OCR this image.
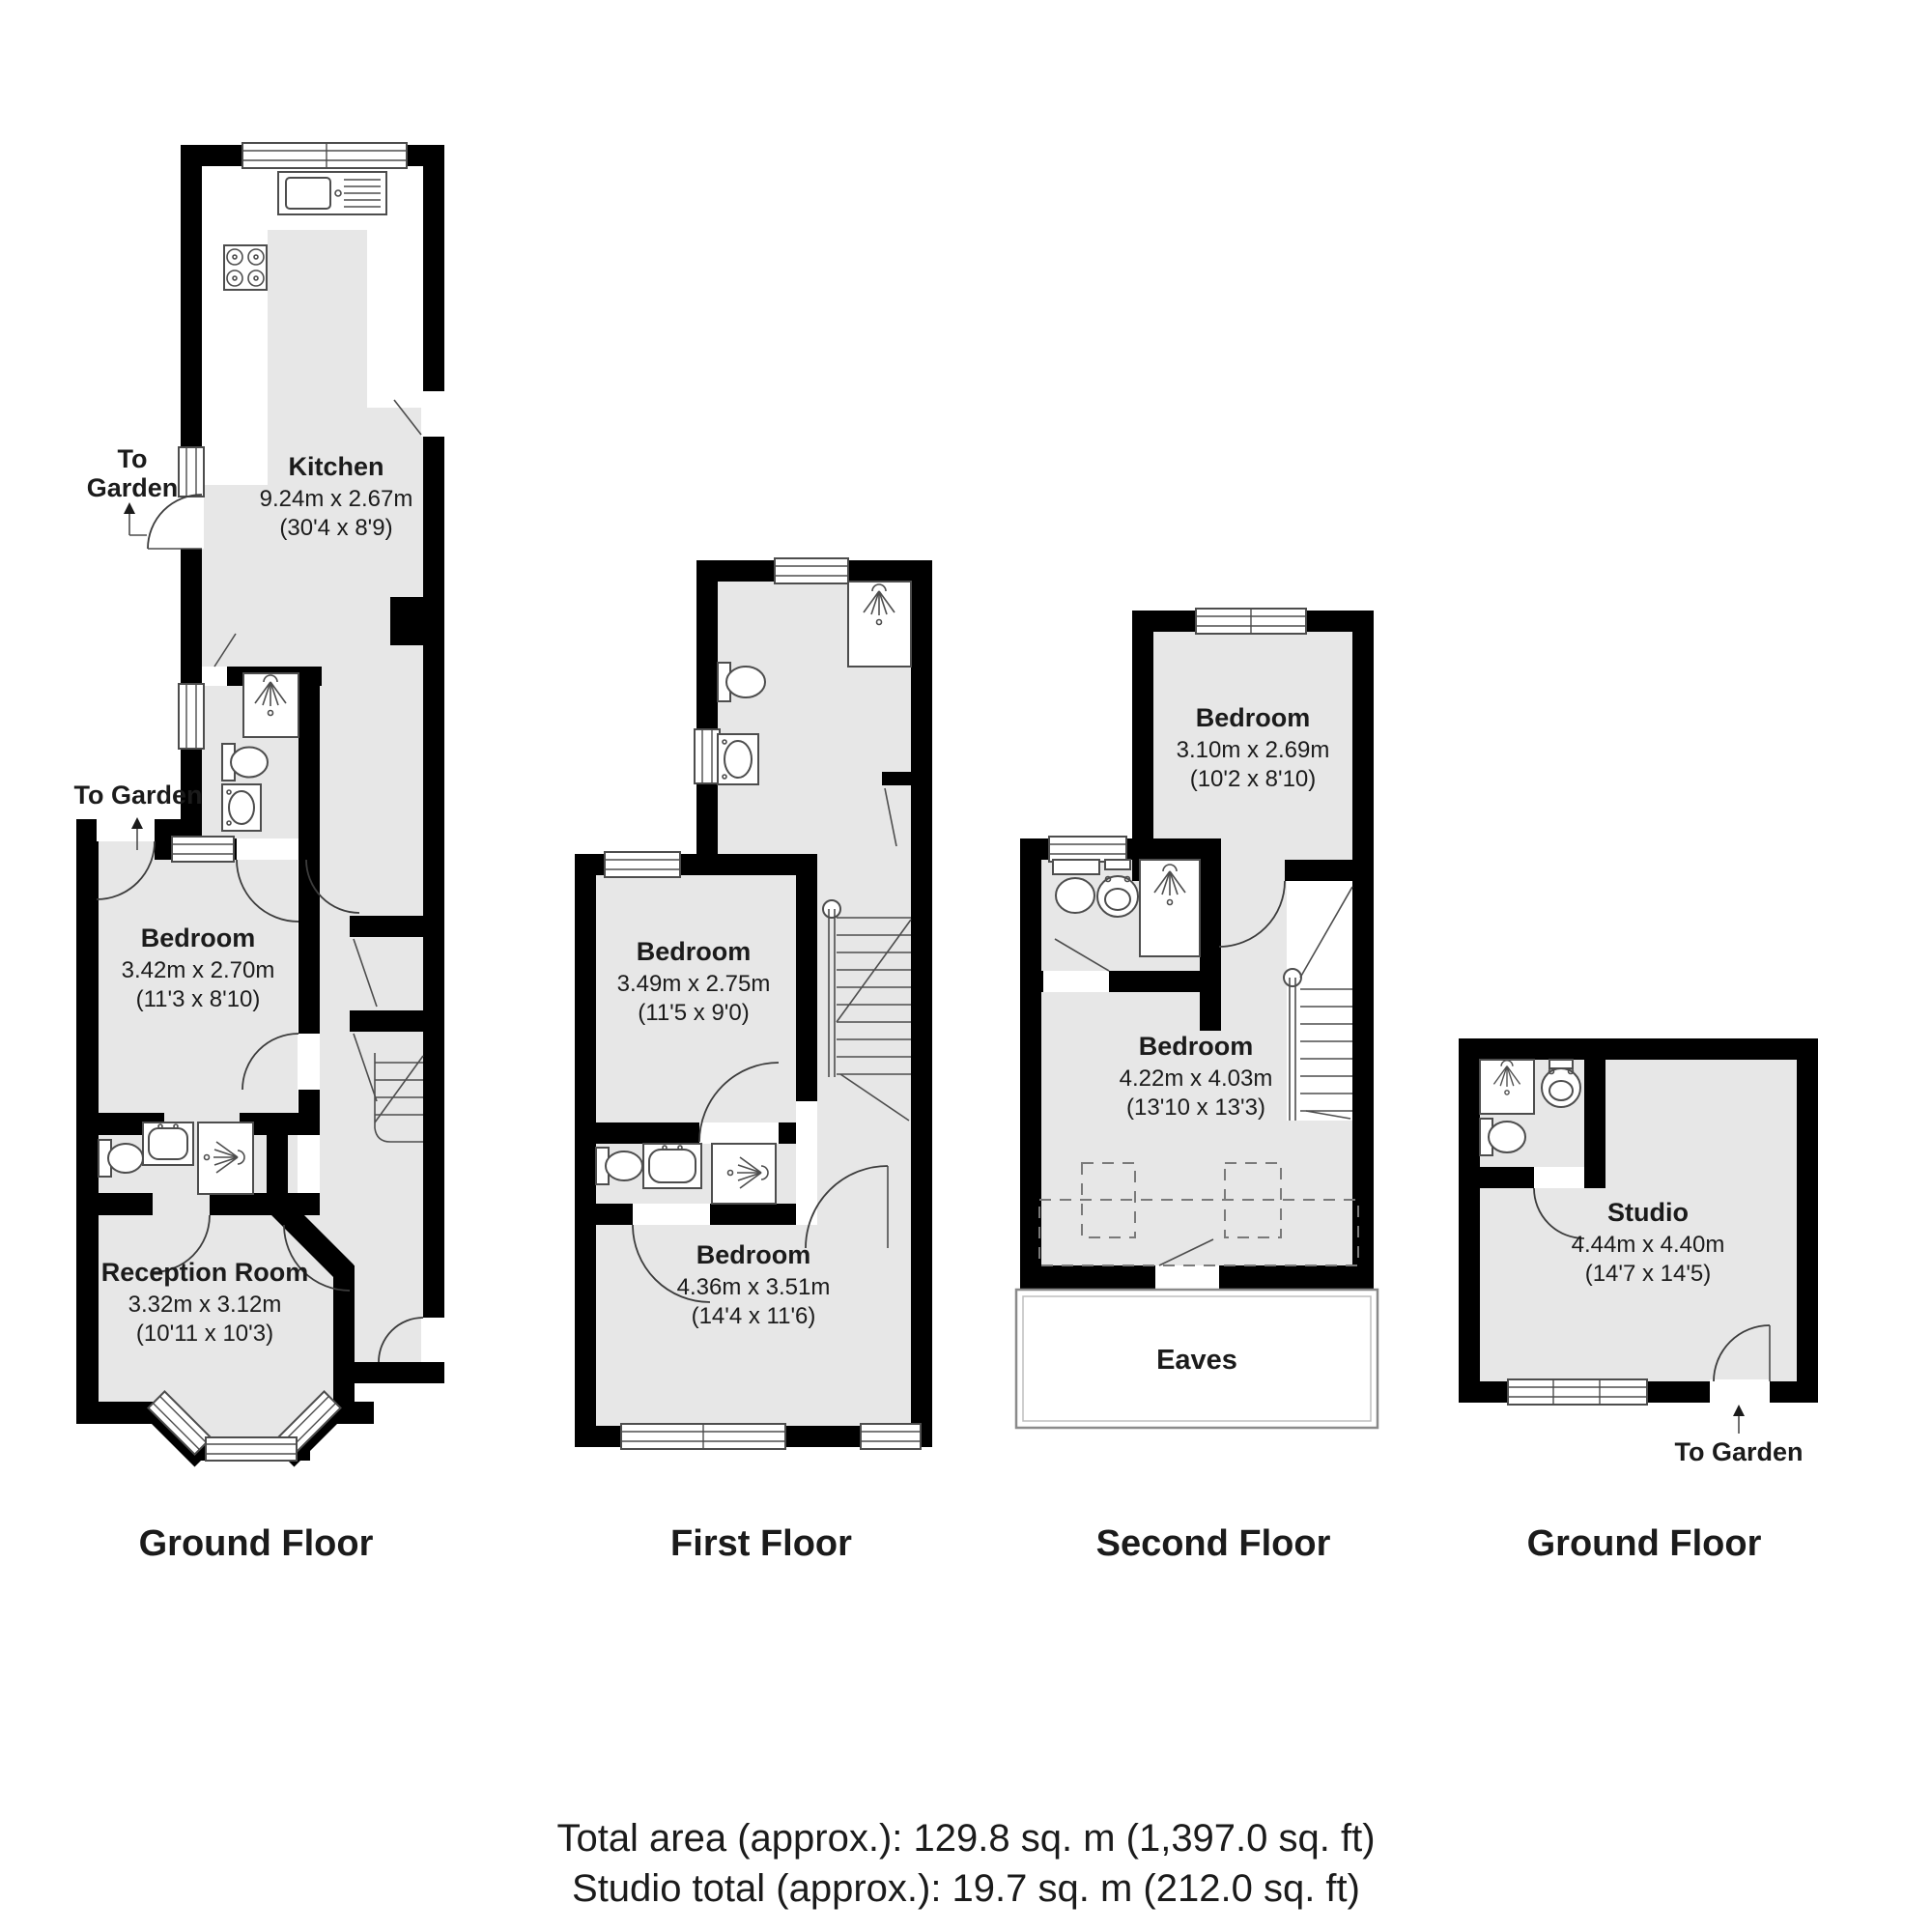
To
Garden
To Garden
Kitchen
9.24m x 2.67m
(30'4 x 8'9)
Bedroom
3.42m x 2.70m
(11'3 x 8'10)
Reception Room
3.32m x 3.12m
(10'11 x 10'3)
Ground Floor
Bedroom
3.49m x 2.75m
(11'5 x 9'0)
Bedroom
4.36m x 3.51m
(14'4 x 11'6)
First Floor
Eaves
Bedroom
3.10m x 2.69m
(10'2 x 8'10)
Bedroom
4.22m x 4.03m
(13'10 x 13'3)
Second Floor
To Garden
Studio
4.44m x 4.40m
(14'7 x 14'5)
Ground Floor
Total area (approx.): 129.8 sq. m (1,397.0 sq. ft)
Studio total (approx.): 19.7 sq. m (212.0 sq. ft)
